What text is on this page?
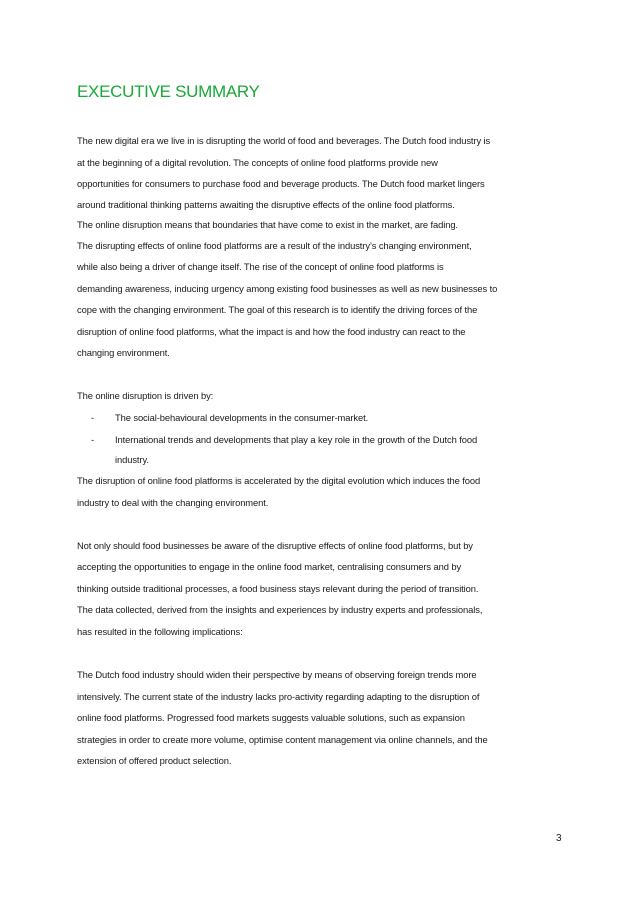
EXECUTIVE SUMMARY
The new digital era we live in is disrupting the world of food and beverages. The Dutch food industry is
at the beginning of a digital revolution. The concepts of online food platforms provide new
opportunities for consumers to purchase food and beverage products. The Dutch food market lingers
around traditional thinking patterns awaiting the disruptive effects of the online food platforms.
The online disruption means that boundaries that have come to exist in the market, are fading.
The disrupting effects of online food platforms are a result of the industry’s changing environment,
while also being a driver of change itself. The rise of the concept of online food platforms is
demanding awareness, inducing urgency among existing food businesses as well as new businesses to
cope with the changing environment. The goal of this research is to identify the driving forces of the
disruption of online food platforms, what the impact is and how the food industry can react to the
changing environment.
The online disruption is driven by:
- The social-behavioural developments in the consumer-market.
- International trends and developments that play a key role in the growth of the Dutch food
industry.
The disruption of online food platforms is accelerated by the digital evolution which induces the food
industry to deal with the changing environment.
Not only should food businesses be aware of the disruptive effects of online food platforms, but by
accepting the opportunities to engage in the online food market, centralising consumers and by
thinking outside traditional processes, a food business stays relevant during the period of transition.
The data collected, derived from the insights and experiences by industry experts and professionals,
has resulted in the following implications:
The Dutch food industry should widen their perspective by means of observing foreign trends more
intensively. The current state of the industry lacks pro-activity regarding adapting to the disruption of
online food platforms. Progressed food markets suggests valuable solutions, such as expansion
strategies in order to create more volume, optimise content management via online channels, and the
extension of offered product selection.
3
